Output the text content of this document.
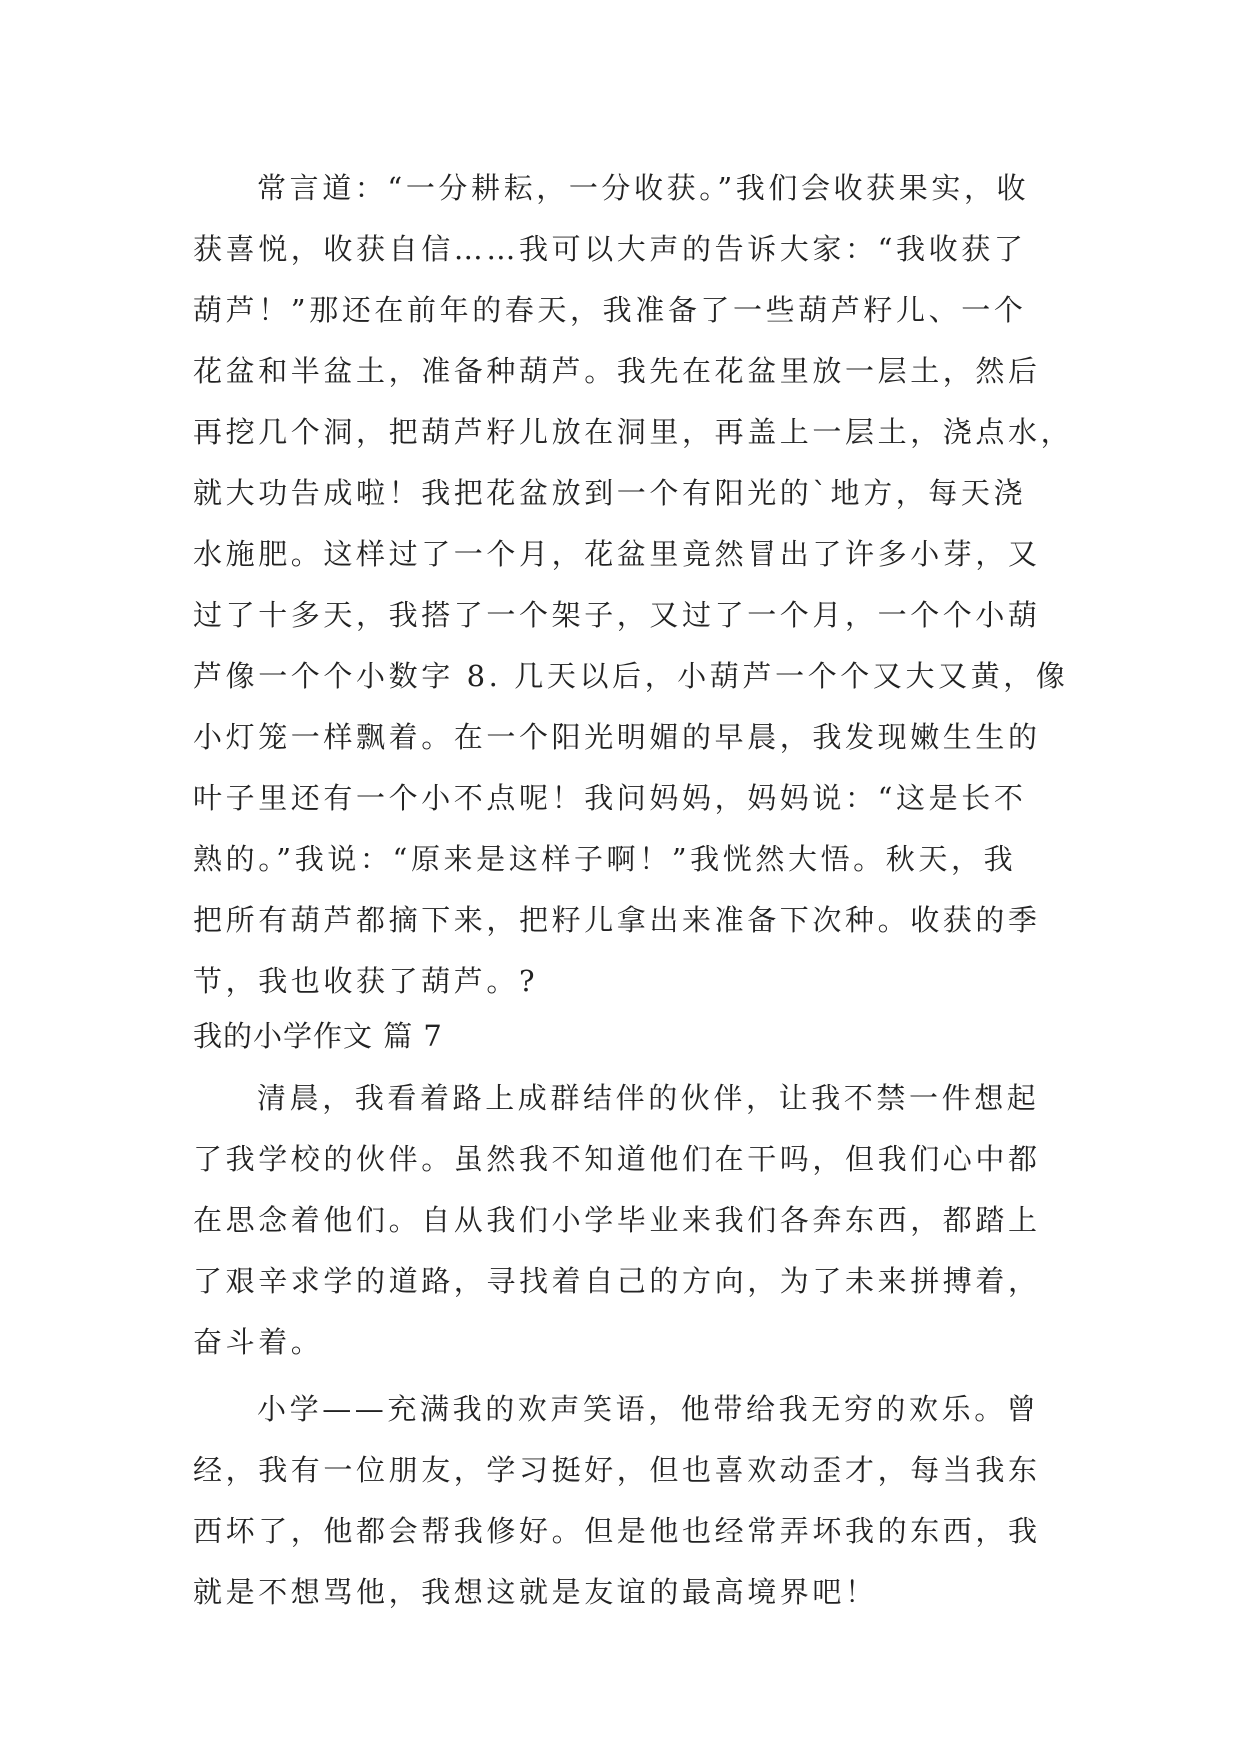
常言道：“一分耕耘，一分收获。”我们会收获果实，收
获喜悦，收获自信……我可以大声的告诉大家：“我收获了
葫芦！”那还在前年的春天，我准备了一些葫芦籽儿、一个
花盆和半盆土，准备种葫芦。我先在花盆里放一层土，然后
再挖几个洞，把葫芦籽儿放在洞里，再盖上一层土，浇点水，
就大功告成啦！我把花盆放到一个有阳光的`地方，每天浇
水施肥。这样过了一个月，花盆里竟然冒出了许多小芽，又
过了十多天，我搭了一个架子，又过了一个月，一个个小葫
芦像一个个小数字 8. 几天以后，小葫芦一个个又大又黄，像
小灯笼一样飘着。在一个阳光明媚的早晨，我发现嫩生生的
叶子里还有一个小不点呢！我问妈妈，妈妈说：“这是长不
熟的。”我说：“原来是这样子啊！”我恍然大悟。秋天，我
把所有葫芦都摘下来，把籽儿拿出来准备下次种。收获的季
节，我也收获了葫芦。?
我的小学作文 篇 7
清晨，我看着路上成群结伴的伙伴，让我不禁一件想起
了我学校的伙伴。虽然我不知道他们在干吗，但我们心中都
在思念着他们。自从我们小学毕业来我们各奔东西，都踏上
了艰辛求学的道路，寻找着自己的方向，为了未来拼搏着，
奋斗着。
小学——充满我的欢声笑语，他带给我无穷的欢乐。曾
经，我有一位朋友，学习挺好，但也喜欢动歪才，每当我东
西坏了，他都会帮我修好。但是他也经常弄坏我的东西，我
就是不想骂他，我想这就是友谊的最高境界吧！
